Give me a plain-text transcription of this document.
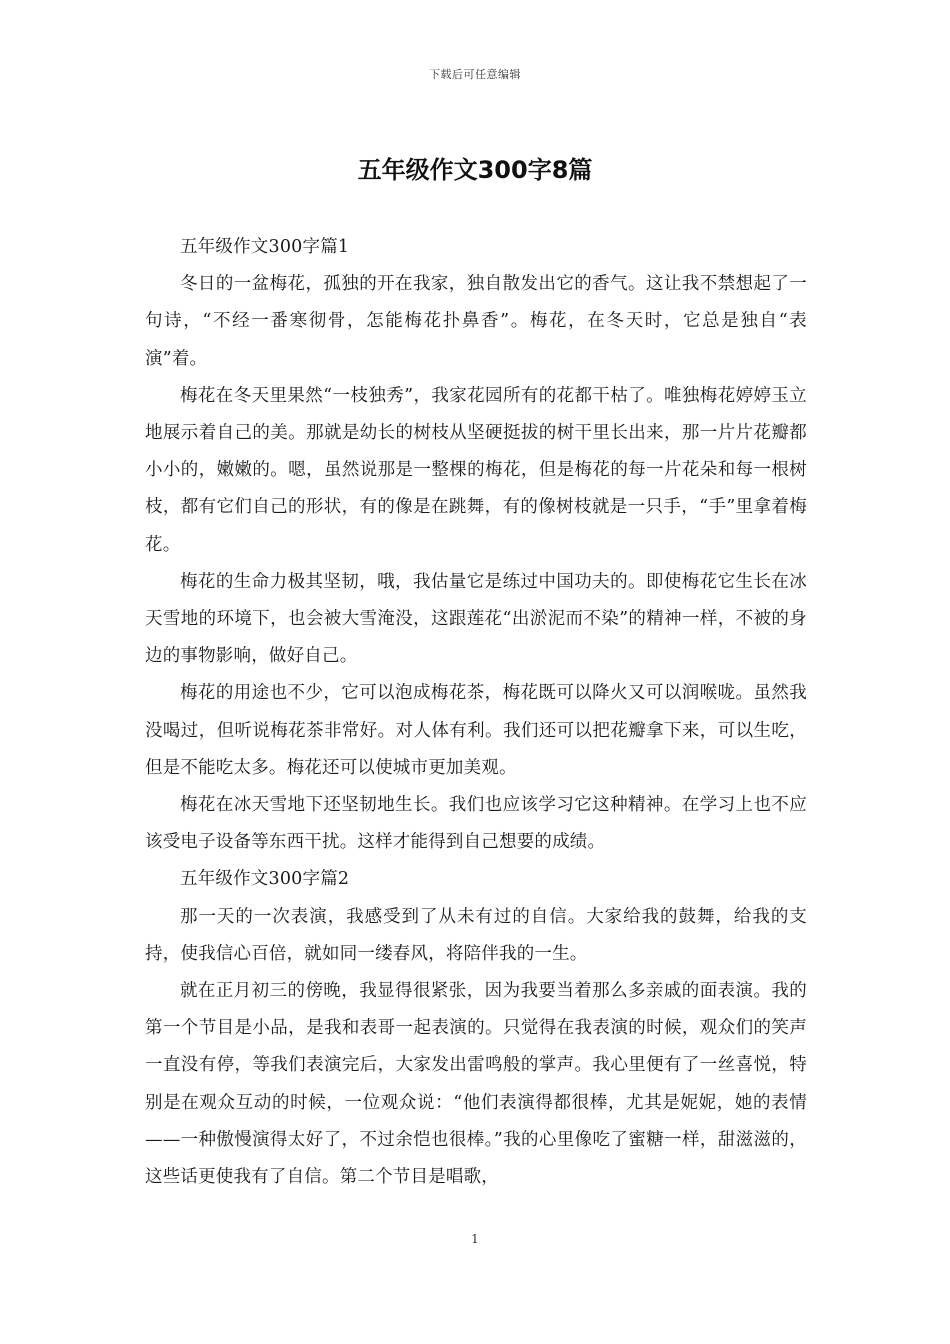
下载后可任意编辑
五年级作文300字8篇

五年级作文300字篇1

冬日的一盆梅花，孤独的开在我家，独自散发出它的香气。这让我不禁想起了一句诗，“不经一番寒彻骨，怎能梅花扑鼻香”。梅花，在冬天时，它总是独自“表演”着。

梅花在冬天里果然“一枝独秀”，我家花园所有的花都干枯了。唯独梅花婷婷玉立地展示着自己的美。那就是幼长的树枝从坚硬挺拔的树干里长出来，那一片片花瓣都小小的，嫩嫩的。嗯，虽然说那是一整棵的梅花，但是梅花的每一片花朵和每一根树枝，都有它们自己的形状，有的像是在跳舞，有的像树枝就是一只手，“手”里拿着梅花。

梅花的生命力极其坚韧，哦，我估量它是练过中国功夫的。即使梅花它生长在冰天雪地的环境下，也会被大雪淹没，这跟莲花“出淤泥而不染”的精神一样，不被的身边的事物影响，做好自己。

梅花的用途也不少，它可以泡成梅花茶，梅花既可以降火又可以润喉咙。虽然我没喝过，但听说梅花茶非常好。对人体有利。我们还可以把花瓣拿下来，可以生吃，但是不能吃太多。梅花还可以使城市更加美观。

梅花在冰天雪地下还坚韧地生长。我们也应该学习它这种精神。在学习上也不应该受电子设备等东西干扰。这样才能得到自己想要的成绩。

五年级作文300字篇2

那一天的一次表演，我感受到了从未有过的自信。大家给我的鼓舞，给我的支持，使我信心百倍，就如同一缕春风，将陪伴我的一生。

就在正月初三的傍晚，我显得很紧张，因为我要当着那么多亲戚的面表演。我的第一个节目是小品，是我和表哥一起表演的。只觉得在我表演的时候，观众们的笑声一直没有停，等我们表演完后，大家发出雷鸣般的掌声。我心里便有了一丝喜悦，特别是在观众互动的时候，一位观众说：“他们表演得都很棒，尤其是妮妮，她的表情——一种傲慢演得太好了，不过余恺也很棒。”我的心里像吃了蜜糖一样，甜滋滋的，这些话更使我有了自信。第二个节目是唱歌，

1
